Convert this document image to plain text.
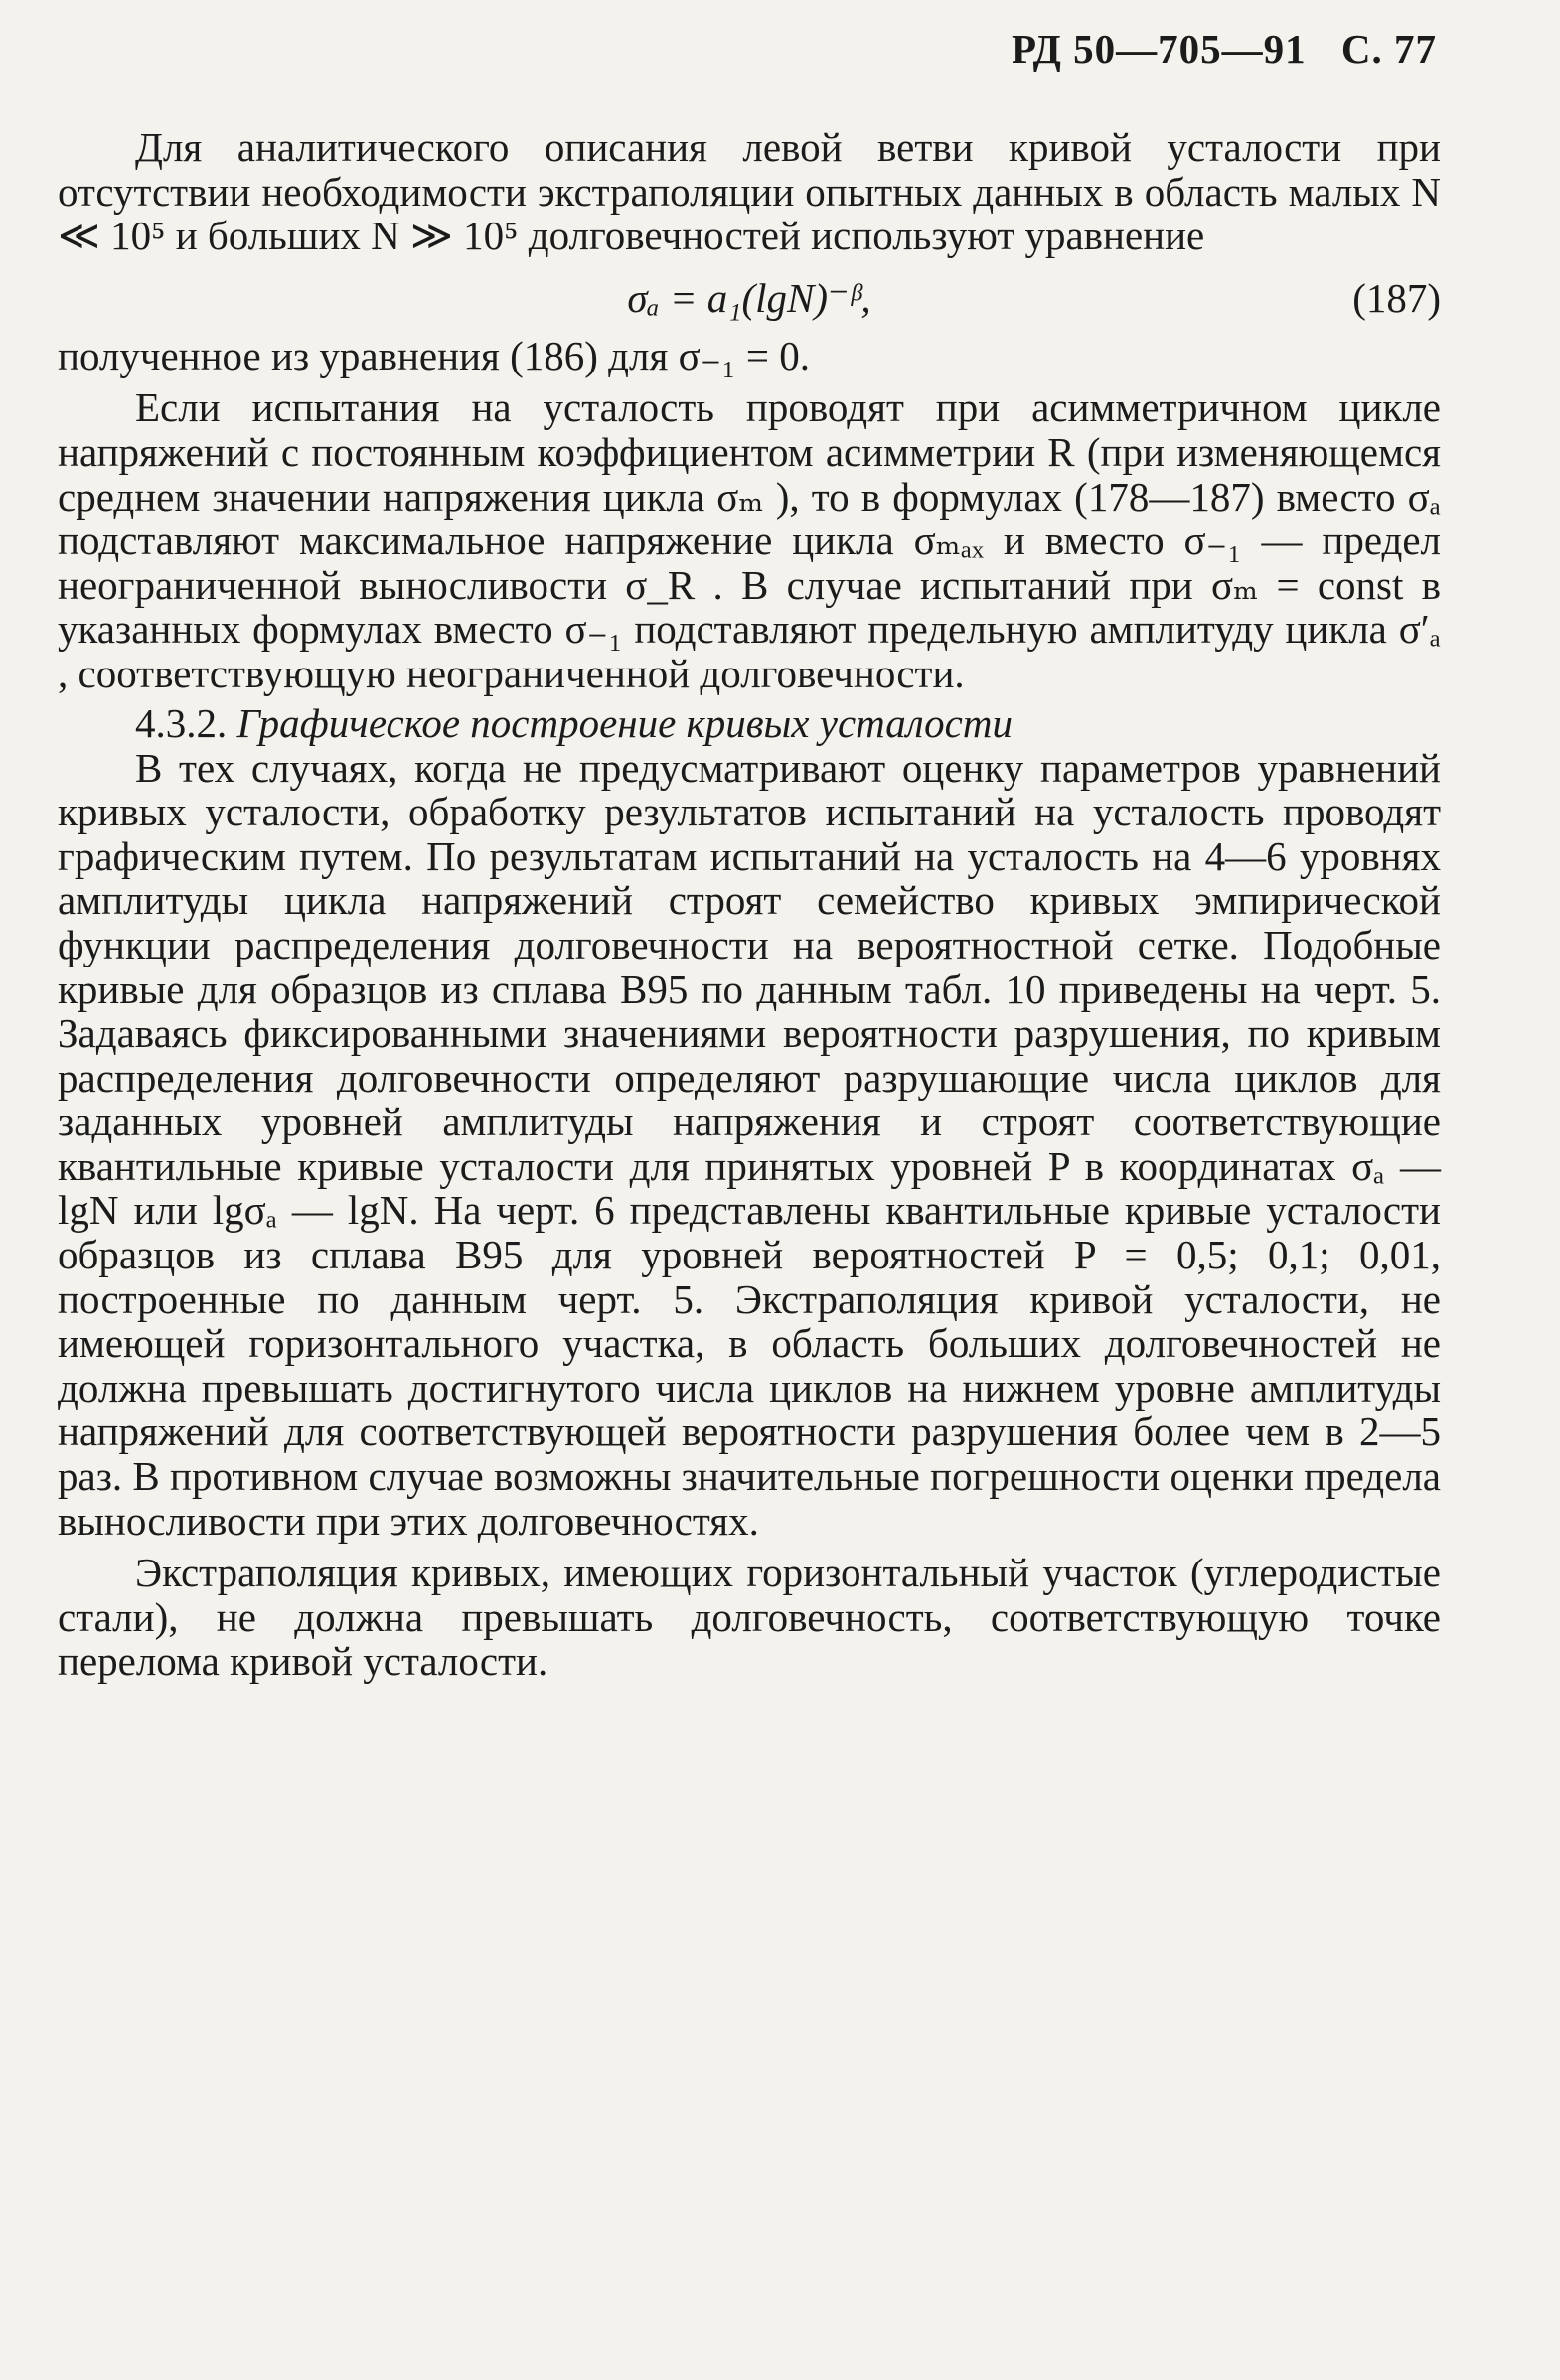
РД 50—705—91 С. 77

Для аналитического описания левой ветви кривой усталости при отсутствии необходимости экстраполяции опытных данных в область малых N ≪ 10⁵ и больших N ≫ 10⁵ долговечностей используют уравнение

σₐ = a₁(lgN)⁻ᵝ,	(187)

полученное из уравнения (186) для σ₋₁ = 0.

Если испытания на усталость проводят при асимметричном цикле напряжений с постоянным коэффициентом асимметрии R (при изменяющемся среднем значении напряжения цикла σₘ ), то в формулах (178—187) вместо σₐ подставляют максимальное напряжение цикла σₘₐₓ и вместо σ₋₁ — предел неограниченной выносливости σ_R . В случае испытаний при σₘ = const в указанных формулах вместо σ₋₁ подставляют предельную амплитуду цикла σ′ₐ , соответствующую неограниченной долговечности.

4.3.2. Графическое построение кривых усталости

В тех случаях, когда не предусматривают оценку параметров уравнений кривых усталости, обработку результатов испытаний на усталость проводят графическим путем. По результатам испытаний на усталость на 4—6 уровнях амплитуды цикла напряжений строят семейство кривых эмпирической функции распределения долговечности на вероятностной сетке. Подобные кривые для образцов из сплава В95 по данным табл. 10 приведены на черт. 5. Задаваясь фиксированными значениями вероятности разрушения, по кривым распределения долговечности определяют разрушающие числа циклов для заданных уровней амплитуды напряжения и строят соответствующие квантильные кривые усталости для принятых уровней P в координатах σₐ — lgN или lgσₐ — lgN. На черт. 6 представлены квантильные кривые усталости образцов из сплава В95 для уровней вероятностей P = 0,5; 0,1; 0,01, построенные по данным черт. 5. Экстраполяция кривой усталости, не имеющей горизонтального участка, в область больших долговечностей не должна превышать достигнутого числа циклов на нижнем уровне амплитуды напряжений для соответствующей вероятности разрушения более чем в 2—5 раз. В противном случае возможны значительные погрешности оценки предела выносливости при этих долговечностях.

Экстраполяция кривых, имеющих горизонтальный участок (углеродистые стали), не должна превышать долговечность, соответствующую точке перелома кривой усталости.
